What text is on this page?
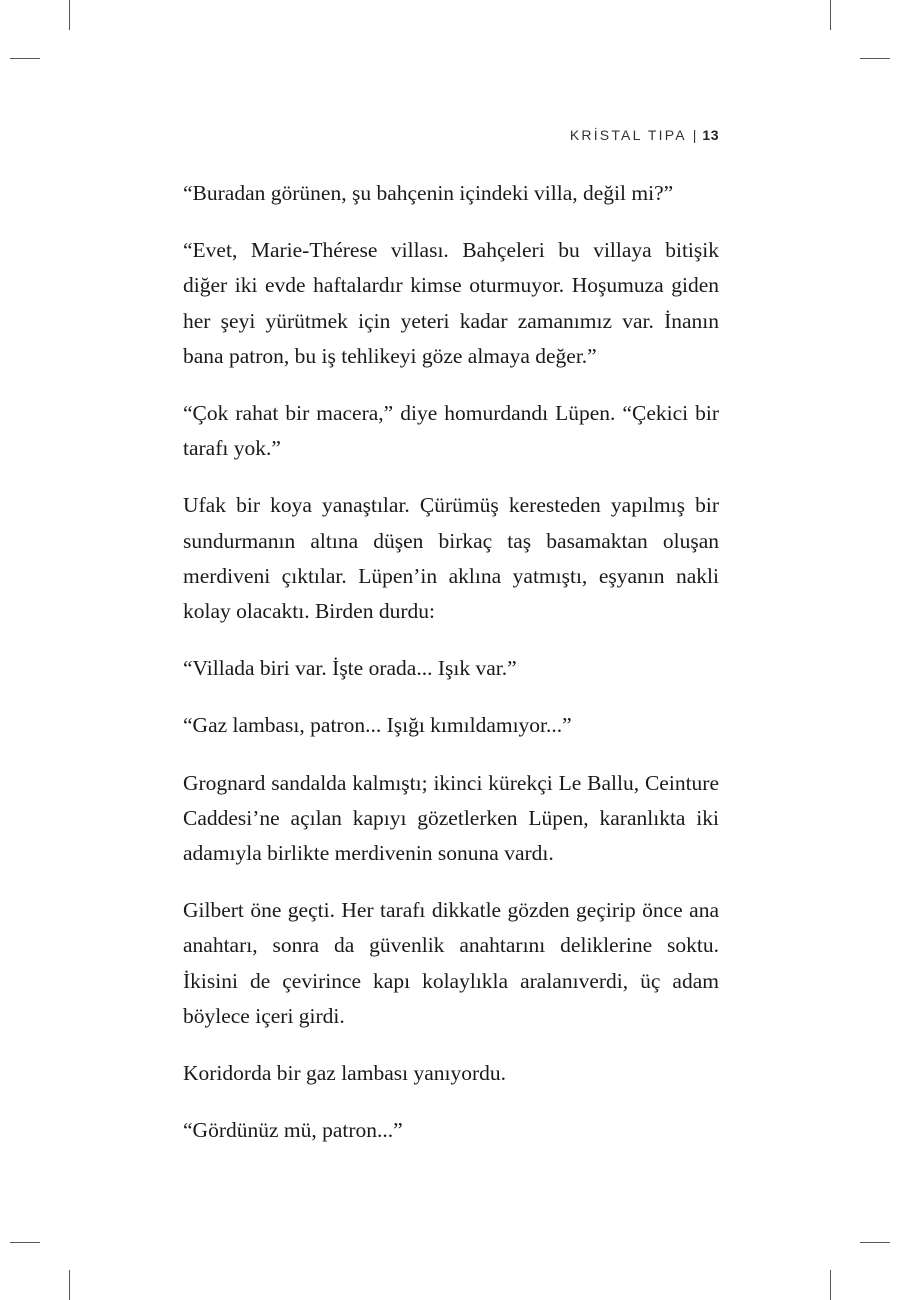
KRİSTAL TIPA | 13

“Buradan görünen, şu bahçenin içindeki villa, değil mi?”

“Evet, Marie-Thérese villası. Bahçeleri bu villaya bitişik diğer iki evde haftalardır kimse oturmuyor. Hoşumuza giden her şeyi yürütmek için yeteri kadar zamanımız var. İnanın bana patron, bu iş tehlikeyi göze almaya değer.”

“Çok rahat bir macera,” diye homurdandı Lüpen. “Çekici bir tarafı yok.”

Ufak bir koya yanaştılar. Çürümüş keresteden yapılmış bir sundurmanın altına düşen birkaç taş basamaktan oluşan merdiveni çıktılar. Lüpen’in aklına yatmıştı, eşyanın nakli kolay olacaktı. Birden durdu:

“Villada biri var. İşte orada... Işık var.”

“Gaz lambası, patron... Işığı kımıldamıyor...”

Grognard sandalda kalmıştı; ikinci kürekçi Le Ballu, Ceinture Caddesi’ne açılan kapıyı gözetlerken Lüpen, karanlıkta iki adamıyla birlikte merdivenin sonuna vardı.

Gilbert öne geçti. Her tarafı dikkatle gözden geçirip önce ana anahtarı, sonra da güvenlik anahtarını deliklerine soktu. İkisini de çevirince kapı kolaylıkla aralanıverdi, üç adam böylece içeri girdi.

Koridorda bir gaz lambası yanıyordu.

“Gördünüz mü, patron...”
